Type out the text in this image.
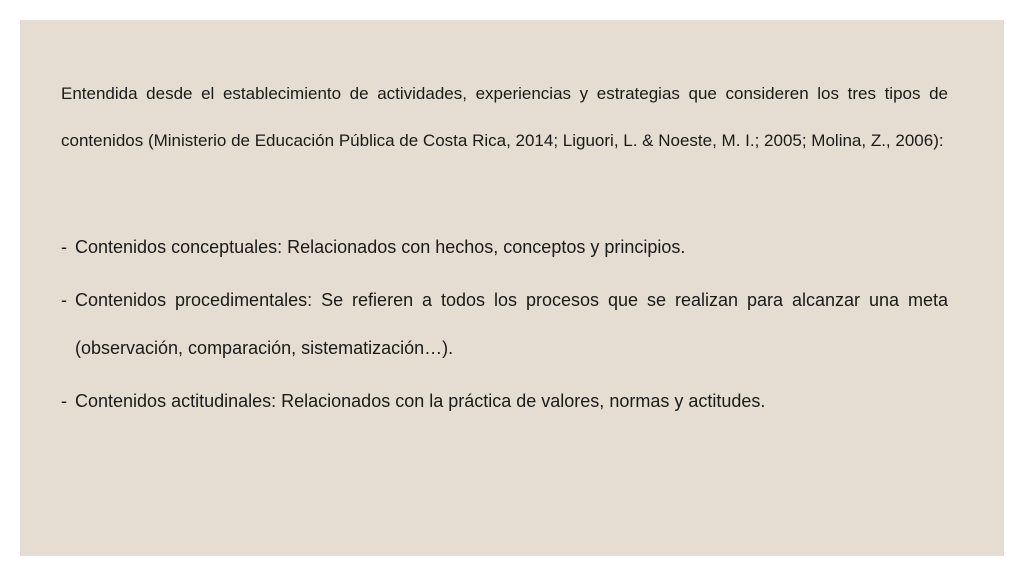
Entendida desde el establecimiento de actividades, experiencias y estrategias que consideren los tres tipos de contenidos (Ministerio de Educación Pública de Costa Rica, 2014; Liguori, L. & Noeste, M. I.; 2005; Molina, Z., 2006):

- Contenidos conceptuales: Relacionados con hechos, conceptos y principios.
- Contenidos procedimentales: Se refieren a todos los procesos que se realizan para alcanzar una meta (observación, comparación, sistematización…).
- Contenidos actitudinales: Relacionados con la práctica de valores, normas y actitudes.
